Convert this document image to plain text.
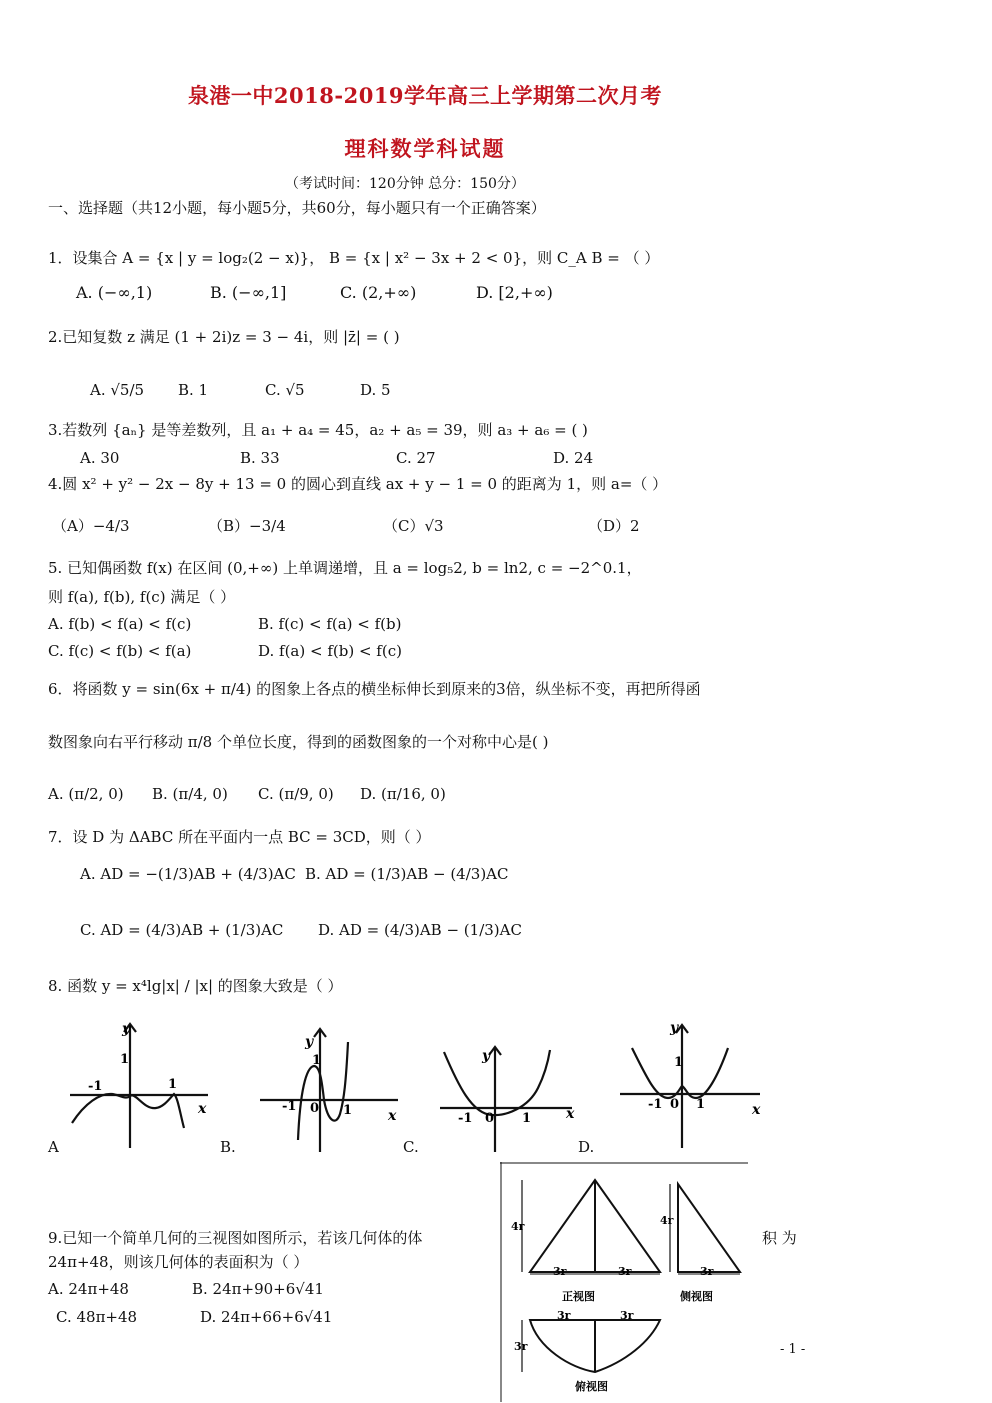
泉港一中2018-2019学年高三上学期第二次月考
理科数学科试题
（考试时间：120分钟 总分：150分）
一、选择题（共12小题，每小题5分，共60分，每小题只有一个正确答案）
1．设集合 A = {x | y = log₂(2 − x)}， B = {x | x² − 3x + 2 < 0}，则 C_A B = （ ）
A. (−∞,1)	B. (−∞,1]	C. (2,+∞)	D. [2,+∞)
2.已知复数 z 满足 (1 + 2i)z = 3 − 4i，则 |z̄| = ( )
A. √5/5 B. 1	C. √5	D. 5
3.若数列 {aₙ} 是等差数列，且 a₁ + a₄ = 45，a₂ + a₅ = 39，则 a₃ + a₆ = ( )
A. 30	B. 33	C. 27	D. 24
4.圆 x² + y² − 2x − 8y + 13 = 0 的圆心到直线 ax + y − 1 = 0 的距离为 1，则 a=（ ）
（A）−4/3	（B）−3/4	（C）√3	（D）2
5. 已知偶函数 f(x) 在区间 (0,+∞) 上单调递增，且 a = log₅2, b = ln2, c = −2^0.1，
则 f(a), f(b), f(c) 满足（ ）
A. f(b) < f(a) < f(c)	B. f(c) < f(a) < f(b)
C. f(c) < f(b) < f(a)	D. f(a) < f(b) < f(c)
6．将函数 y = sin(6x + π/4) 的图象上各点的横坐标伸长到原来的3倍，纵坐标不变，再把所得函
数图象向右平行移动 π/8 个单位长度，得到的函数图象的一个对称中心是( )
A. (π/2, 0) B. (π/4, 0) C. (π/9, 0) D. (π/16, 0)
7．设 D 为 ΔABC 所在平面内一点 BC = 3CD，则（ ）
A. AD = −(1/3)AB + (4/3)AC B. AD = (1/3)AB − (4/3)AC
C. AD = (4/3)AB + (1/3)AC D. AD = (4/3)AB − (1/3)AC
8. 函数 y = x⁴lg|x| / |x| 的图象大致是（ ）
y
1
-1	1
x
y
1
-1 0 1	x
y
-1 0 1 x
y
1
-1 0 1	x
A	B.	C.	D.
9.已知一个简单几何的三视图如图所示，若该几何体的体	积 为
24π+48，则该几何体的表面积为（ ）
A. 24π+48	B. 24π+90+6√41
C. 48π+48	D. 24π+66+6√41
4r
3r	3r
4r
3r
3r	3r
3r
正视图	侧视图
俯视图
- 1 -
